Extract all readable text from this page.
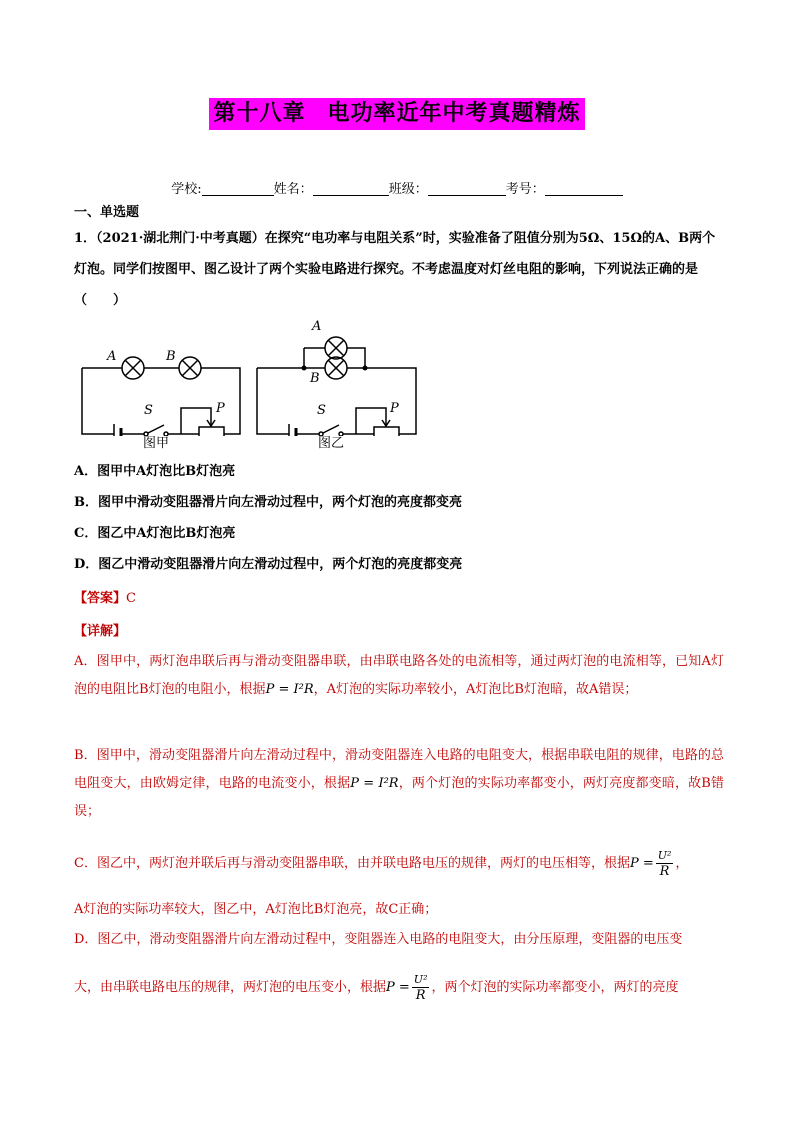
第十八章 电功率近年中考真题精炼
学校:	姓名：	班级：	考号：
一、单选题
1．（2021·湖北荆门·中考真题）在探究“电功率与电阻关系”时，实验准备了阻值分别为5Ω、15Ω的A、B两个灯泡。同学们按图甲、图乙设计了两个实验电路进行探究。不考虑温度对灯丝电阻的影响，下列说法正确的是（　　）
A	B
S	P
A
B
S	P
图甲	图乙
A．图甲中A灯泡比B灯泡亮
B．图甲中滑动变阻器滑片向左滑动过程中，两个灯泡的亮度都变亮
C．图乙中A灯泡比B灯泡亮
D．图乙中滑动变阻器滑片向左滑动过程中，两个灯泡的亮度都变亮
【答案】C
【详解】
A．图甲中，两灯泡串联后再与滑动变阻器串联，由串联电路各处的电流相等，通过两灯泡的电流相等，已知A灯泡的电阻比B灯泡的电阻小，根据P = I²R，A灯泡的实际功率较小，A灯泡比B灯泡暗，故A错误；
B．图甲中，滑动变阻器滑片向左滑动过程中，滑动变阻器连入电路的电阻变大，根据串联电阻的规律，电路的总电阻变大，由欧姆定律，电路的电流变小，根据P = I²R，两个灯泡的实际功率都变小，两灯亮度都变暗，故B错误；
C．图乙中，两灯泡并联后再与滑动变阻器串联，由并联电路电压的规律，两灯的电压相等，根据$P = \frac{\text{U²}}{R}$ ，
A灯泡的实际功率较大，图乙中，A灯泡比B灯泡亮，故C正确；
D．图乙中，滑动变阻器滑片向左滑动过程中，变阻器连入电路的电阻变大，由分压原理，变阻器的电压变
大，由串联电路电压的规律，两灯泡的电压变小，根据$P = \frac{\text{U²}}{R}$ ，两个灯泡的实际功率都变小，两灯的亮度
